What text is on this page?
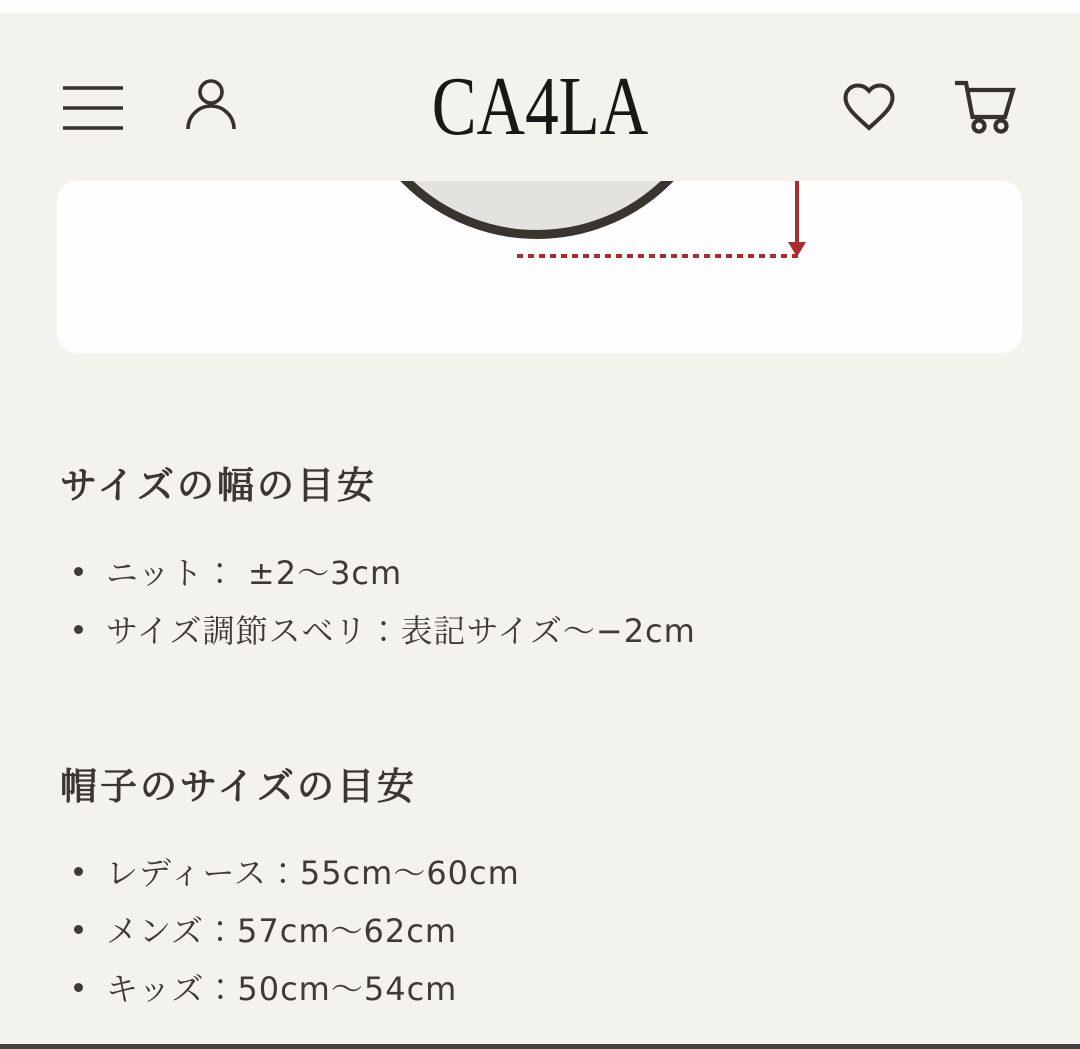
CA4LA
サイズの幅の目安
ニット： ±2〜3cm
サイズ調節スベリ：表記サイズ〜−2cm
帽子のサイズの目安
レディース：55cm〜60cm
メンズ：57cm〜62cm
キッズ：50cm〜54cm
